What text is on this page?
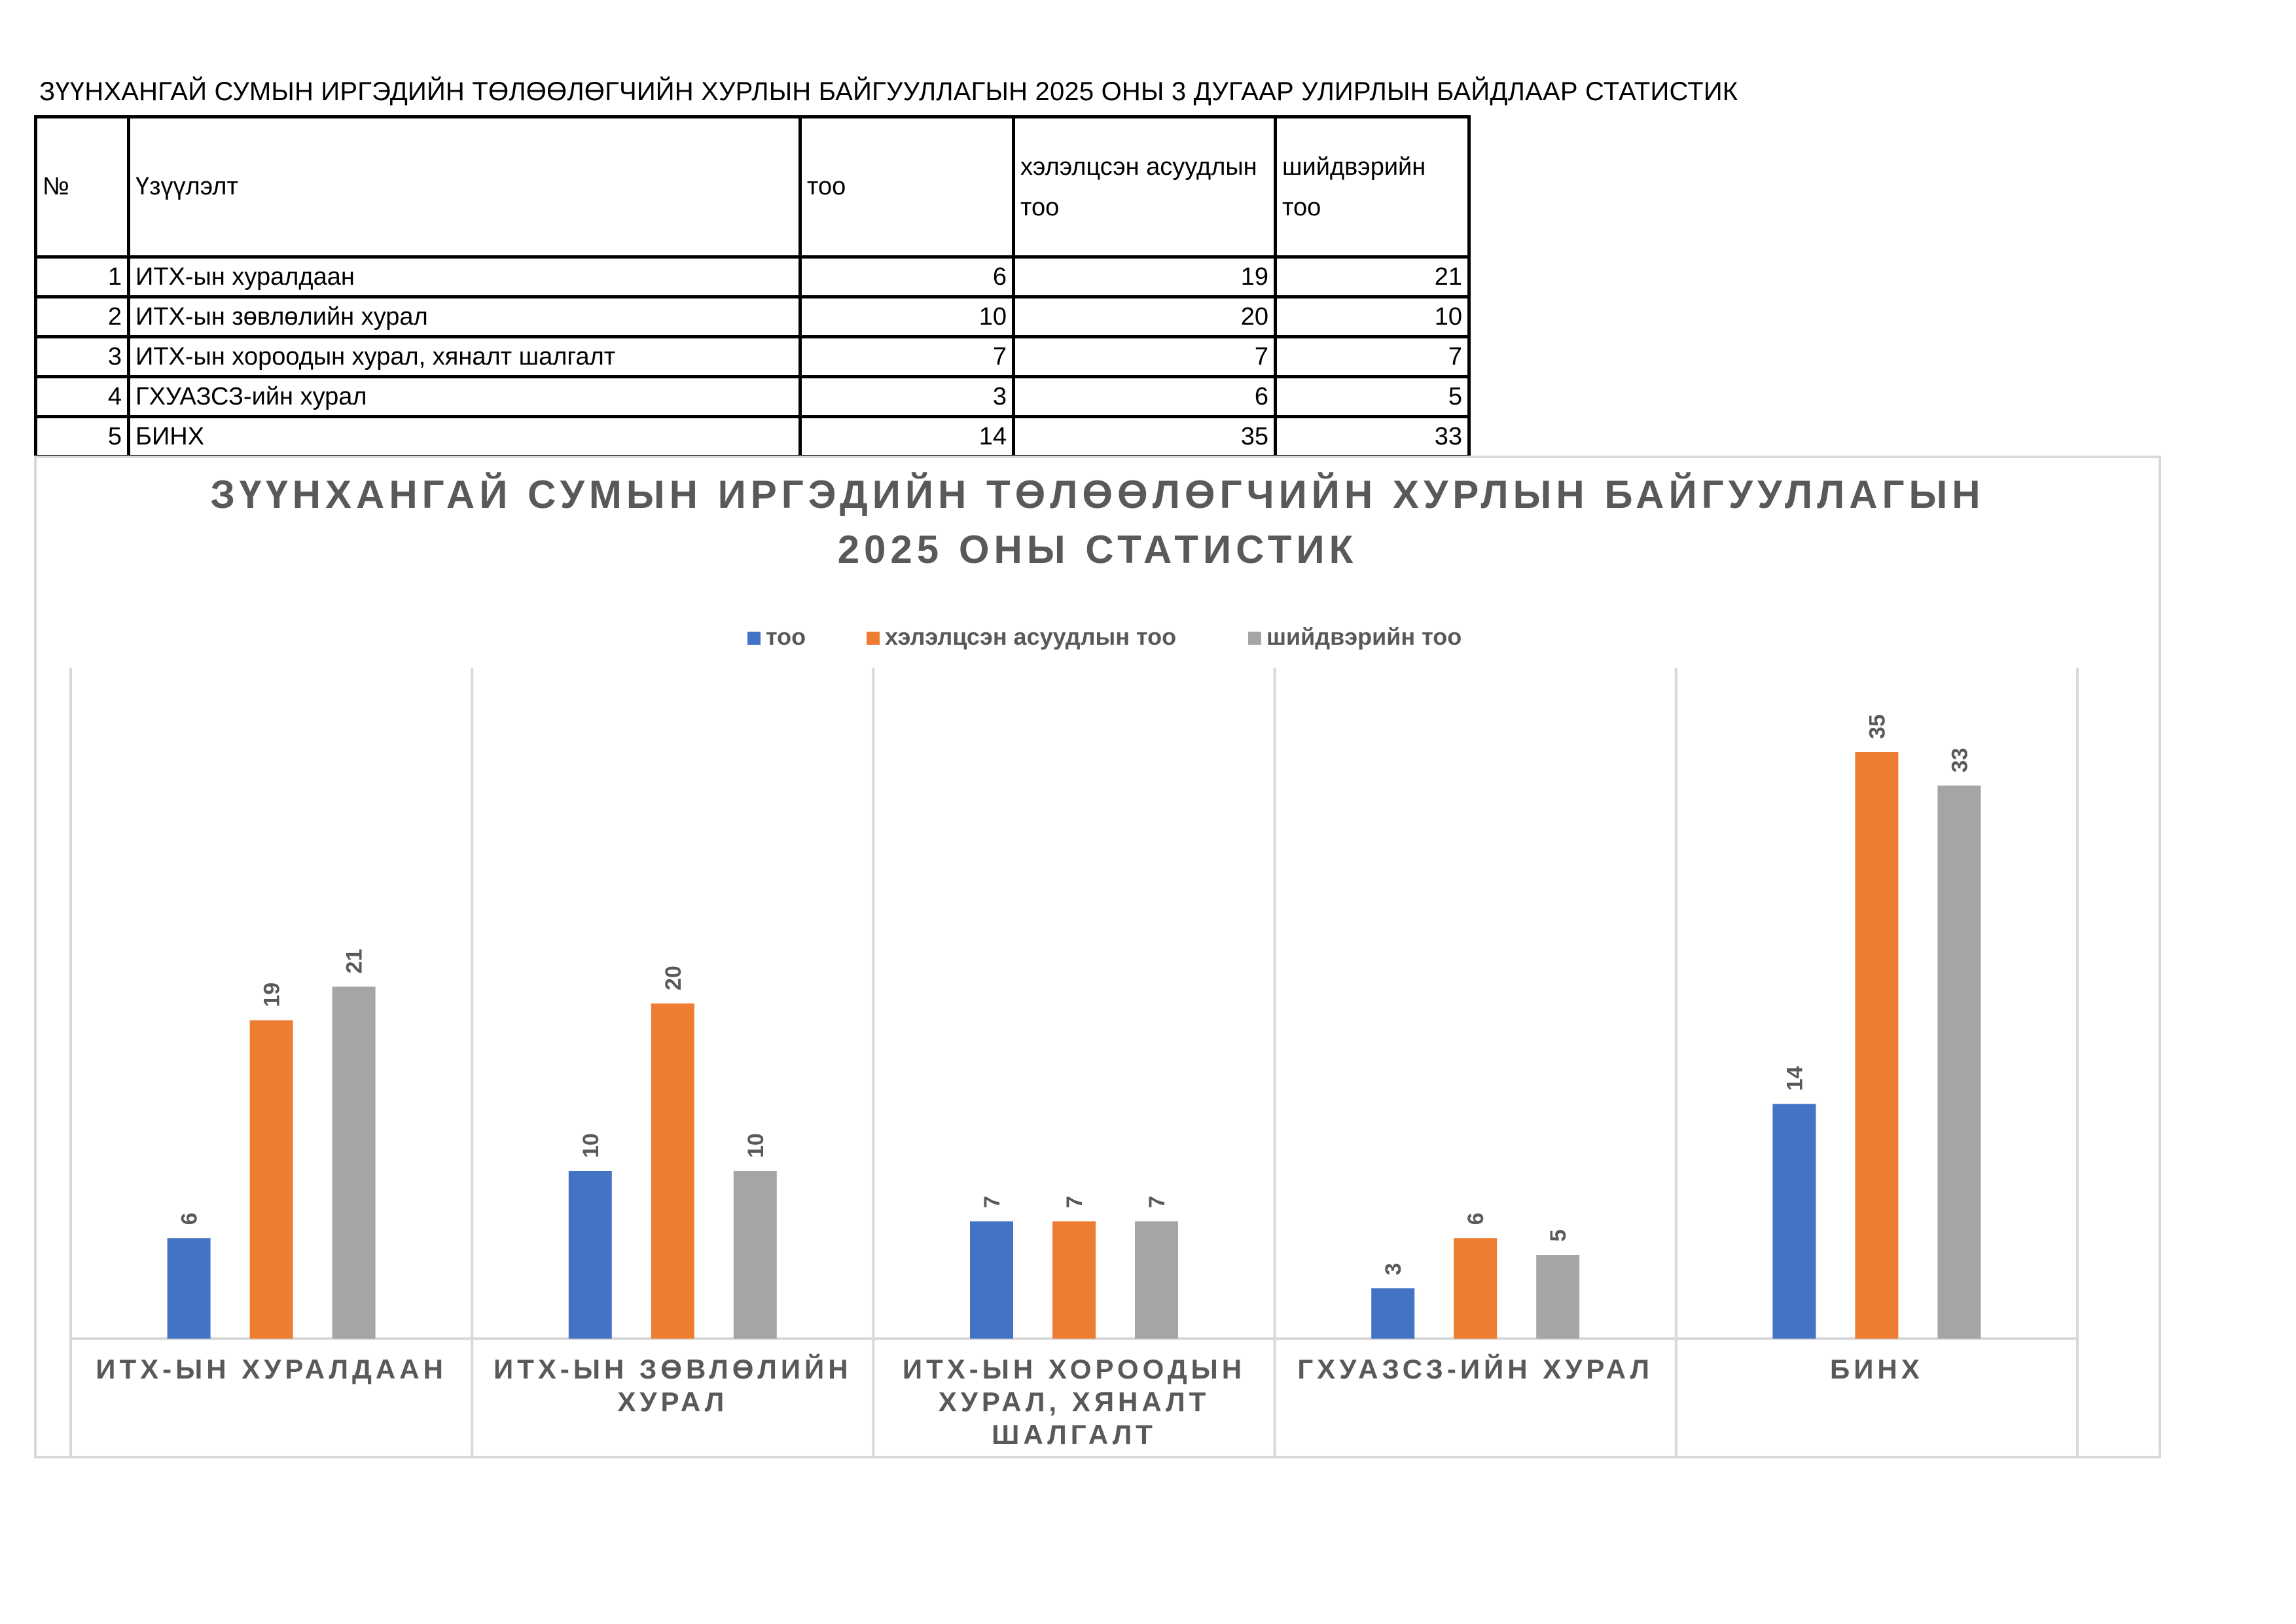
ЗҮҮНХАНГАЙ СУМЫН ИРГЭДИЙН ТӨЛӨӨЛӨГЧИЙН ХУРЛЫН БАЙГУУЛЛАГЫН 2025 ОНЫ 3 ДУГААР УЛИРЛЫН БАЙДЛААР СТАТИСТИК
№	Үзүүлэлт	тоо	хэлэлцсэн асуудлын тоо	шийдвэрийн тоо
1	ИТХ-ын хуралдаан	6	19	21
2	ИТХ-ын зөвлөлийн хурал	10	20	10
3	ИТХ-ын хороодын хурал, хяналт шалгалт	7	7	7
4	ГХУАЗСЗ-ийн хурал	3	6	5
5	БИНХ	14	35	33
ЗҮҮНХАНГАЙ СУМЫН ИРГЭДИЙН ТӨЛӨӨЛӨГЧИЙН ХУРЛЫН БАЙГУУЛЛАГЫН
2025 ОНЫ СТАТИСТИК
тоо	хэлэлцсэн асуудлын тоо	шийдвэрийн тоо
6
19
21
ИТХ-ЫН ХУРАЛДААН
10
20
10
ИТХ-ЫН ЗӨВЛӨЛИЙН
ХУРАЛ
7	7	7
ИТХ-ЫН ХОРООДЫН
ХУРАЛ, ХЯНАЛТ
ШАЛГАЛТ
3
6
5
ГХУАЗСЗ-ИЙН ХУРАЛ
14
35
33
БИНХ
